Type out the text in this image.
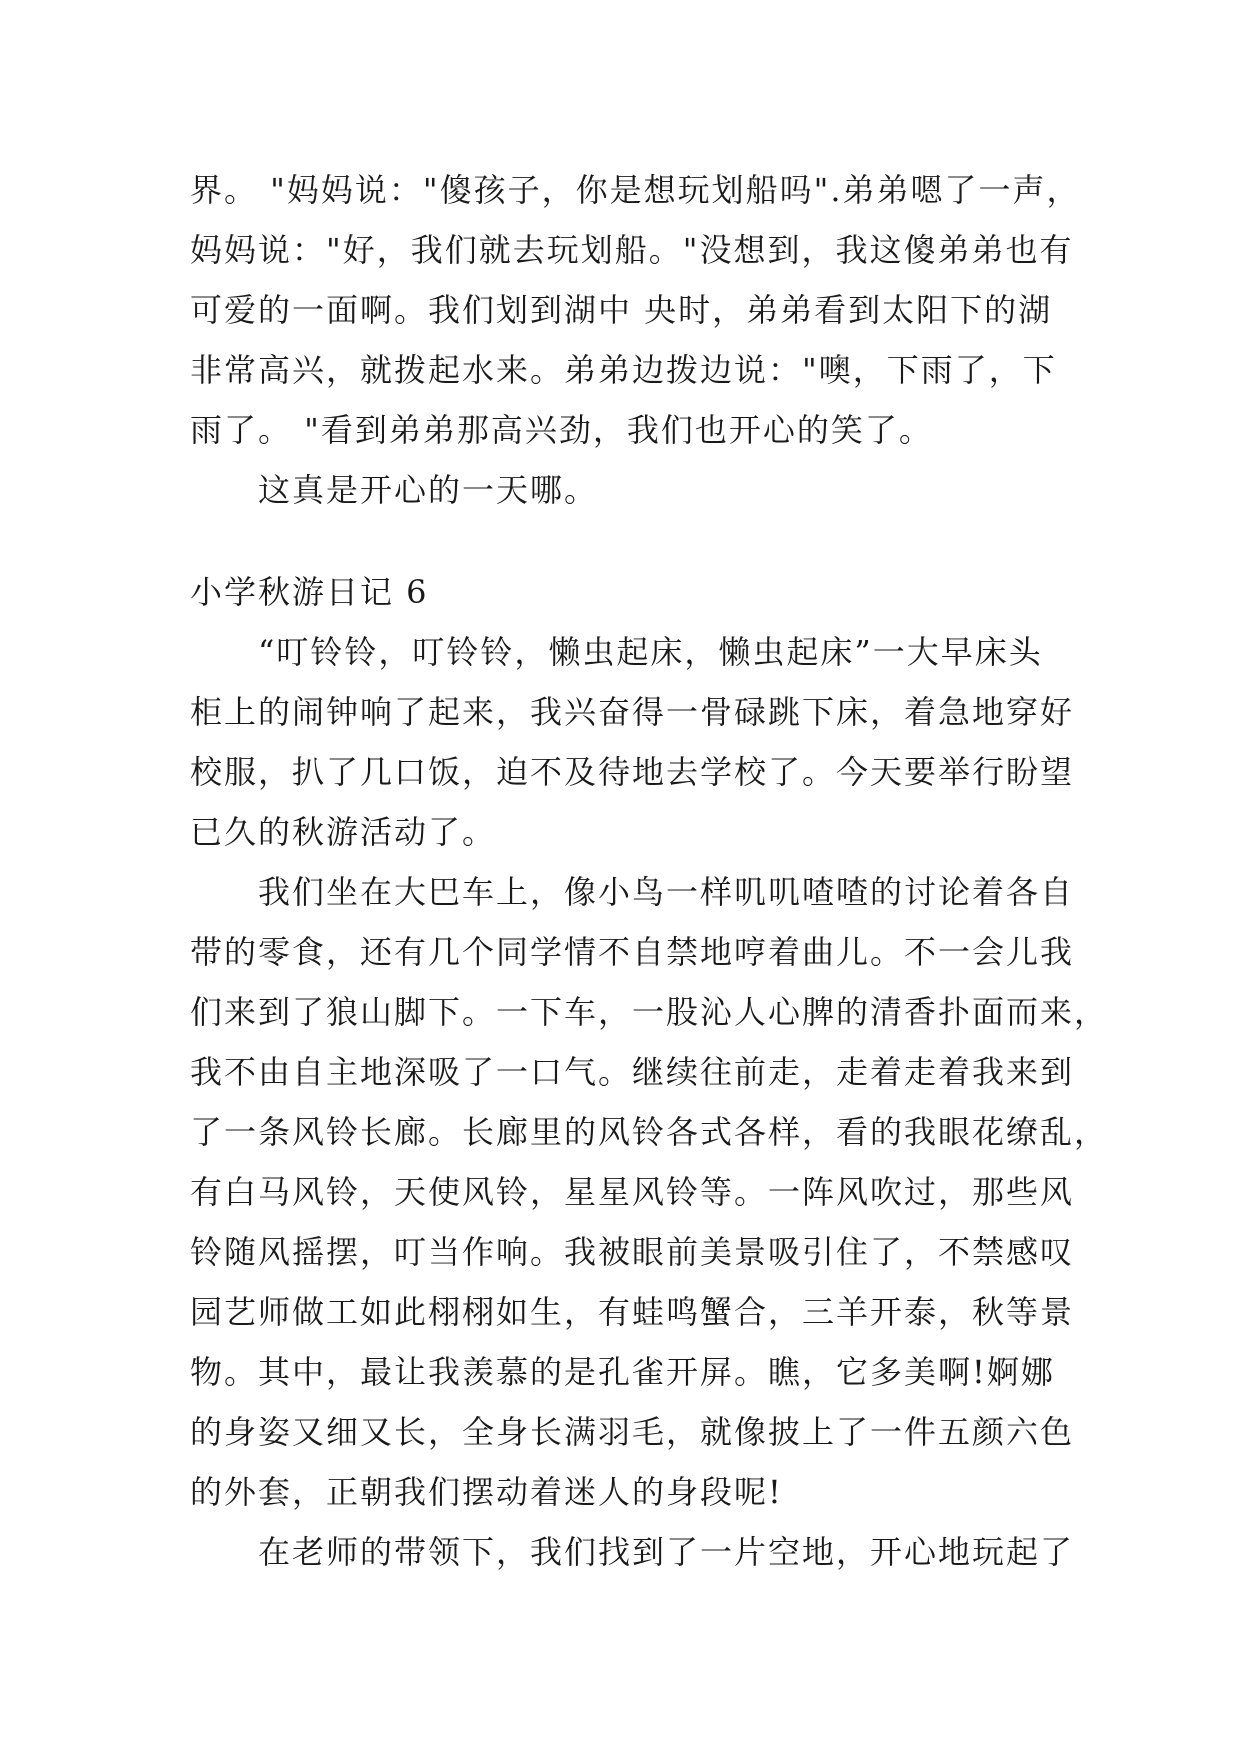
界。 "妈妈说："傻孩子，你是想玩划船吗".弟弟嗯了一声，
妈妈说："好，我们就去玩划船。"没想到，我这傻弟弟也有
可爱的一面啊。我们划到湖中 央时，弟弟看到太阳下的湖
非常高兴，就拨起水来。弟弟边拨边说："噢，下雨了，下
雨了。 "看到弟弟那高兴劲，我们也开心的笑了。
这真是开心的一天哪。
小学秋游日记 6
“叮铃铃，叮铃铃，懒虫起床，懒虫起床”一大早床头
柜上的闹钟响了起来，我兴奋得一骨碌跳下床，着急地穿好
校服，扒了几口饭，迫不及待地去学校了。今天要举行盼望
已久的秋游活动了。
我们坐在大巴车上，像小鸟一样叽叽喳喳的讨论着各自
带的零食，还有几个同学情不自禁地哼着曲儿。不一会儿我
们来到了狼山脚下。一下车，一股沁人心脾的清香扑面而来，
我不由自主地深吸了一口气。继续往前走，走着走着我来到
了一条风铃长廊。长廊里的风铃各式各样，看的我眼花缭乱，
有白马风铃，天使风铃，星星风铃等。一阵风吹过，那些风
铃随风摇摆，叮当作响。我被眼前美景吸引住了，不禁感叹
园艺师做工如此栩栩如生，有蛙鸣蟹合，三羊开泰，秋等景
物。其中，最让我羡慕的是孔雀开屏。瞧，它多美啊!婀娜
的身姿又细又长，全身长满羽毛，就像披上了一件五颜六色
的外套，正朝我们摆动着迷人的身段呢!
在老师的带领下，我们找到了一片空地，开心地玩起了
